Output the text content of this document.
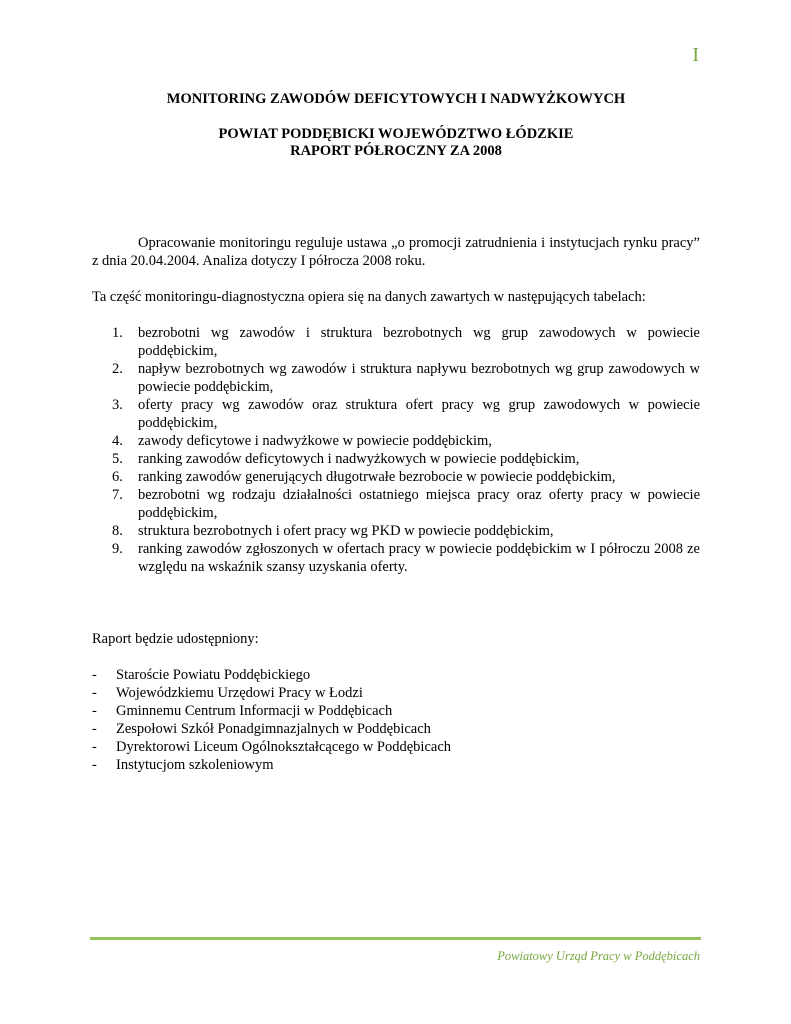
I

MONITORING ZAWODÓW DEFICYTOWYCH I NADWYŻKOWYCH

POWIAT PODDĘBICKI WOJEWÓDZTWO ŁÓDZKIE

RAPORT PÓŁROCZNY ZA 2008

Opracowanie monitoringu reguluje ustawa „o promocji zatrudnienia i instytucjach rynku pracy” z dnia 20.04.2004. Analiza dotyczy I półrocza 2008 roku.

Ta część monitoringu-diagnostyczna opiera się na danych zawartych w następujących tabelach:

1.	bezrobotni wg zawodów i struktura bezrobotnych wg grup zawodowych w powiecie poddębickim,
2.	napływ bezrobotnych wg zawodów i struktura napływu bezrobotnych wg grup zawodowych w powiecie poddębickim,
3.	oferty pracy wg zawodów oraz struktura ofert pracy wg grup zawodowych w powiecie poddębickim,
4.	zawody deficytowe i nadwyżkowe w powiecie poddębickim,
5.	ranking zawodów deficytowych i nadwyżkowych w powiecie poddębickim,
6.	ranking zawodów generujących długotrwałe bezrobocie w powiecie poddębickim,
7.	bezrobotni wg rodzaju działalności ostatniego miejsca pracy oraz oferty pracy w powiecie poddębickim,
8.	struktura bezrobotnych i ofert pracy wg PKD w powiecie poddębickim,
9.	ranking zawodów zgłoszonych w ofertach pracy w powiecie poddębickim w I półroczu 2008 ze względu na wskaźnik szansy uzyskania oferty.

Raport będzie udostępniony:

-	Staroście Powiatu Poddębickiego
-	Wojewódzkiemu Urzędowi Pracy w Łodzi
-	Gminnemu Centrum Informacji w Poddębicach
-	Zespołowi Szkół Ponadgimnazjalnych w Poddębicach
-	Dyrektorowi Liceum Ogólnokształcącego w Poddębicach
-	Instytucjom szkoleniowym
Powiatowy Urząd Pracy w Poddębicach
